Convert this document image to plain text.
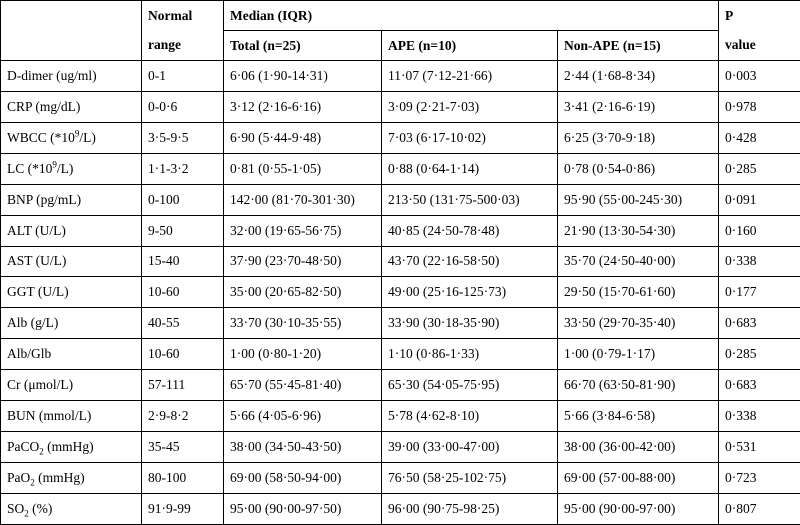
	Normal	Median (IQR)			P
	range	Total (n=25)	APE (n=10)	Non-APE (n=15)	value
D-dimer (ug/ml)	0-1	6·06 (1·90-14·31)	11·07 (7·12-21·66)	2·44 (1·68-8·34)	0·003
CRP (mg/dL)	0-0·6	3·12 (2·16-6·16)	3·09 (2·21-7·03)	3·41 (2·16-6·19)	0·978
WBCC $(*10^9/L)$	3·5-9·5	6·90 (5·44-9·48)	7·03 (6·17-10·02)	6·25 (3·70-9·18)	0·428
LC $(*10^9/L)$	1·1-3·2	0·81 (0·55-1·05)	0·88 (0·64-1·14)	0·78 (0·54-0·86)	0·285
BNP (pg/mL)	0-100	142·00 (81·70-301·30)	213·50 (131·75-500·03)	95·90 (55·00-245·30)	0·091
ALT (U/L)	9-50	32·00 (19·65-56·75)	40·85 (24·50-78·48)	21·90 (13·30-54·30)	0·160
AST (U/L)	15-40	37·90 (23·70-48·50)	43·70 (22·16-58·50)	35·70 (24·50-40·00)	0·338
GGT (U/L)	10-60	35·00 (20·65-82·50)	49·00 (25·16-125·73)	29·50 (15·70-61·60)	0·177
Alb (g/L)	40-55	33·70 (30·10-35·55)	33·90 (30·18-35·90)	33·50 (29·70-35·40)	0·683
Alb/Glb	10-60	1·00 (0·80-1·20)	1·10 (0·86-1·33)	1·00 (0·79-1·17)	0·285
Cr (μmol/L)	57-111	65·70 (55·45-81·40)	65·30 (54·05-75·95)	66·70 (63·50-81·90)	0·683
BUN (mmol/L)	2·9-8·2	5·66 (4·05-6·96)	5·78 (4·62-8·10)	5·66 (3·84-6·58)	0·338
PaCO$_2$ (mmHg)	35-45	38·00 (34·50-43·50)	39·00 (33·00-47·00)	38·00 (36·00-42·00)	0·531
PaO$_2$ (mmHg)	80-100	69·00 (58·50-94·00)	76·50 (58·25-102·75)	69·00 (57·00-88·00)	0·723
$SO_2$ (%)	91·9-99	95·00 (90·00-97·50)	96·00 (90·75-98·25)	95·00 (90·00-97·00)	0·807
